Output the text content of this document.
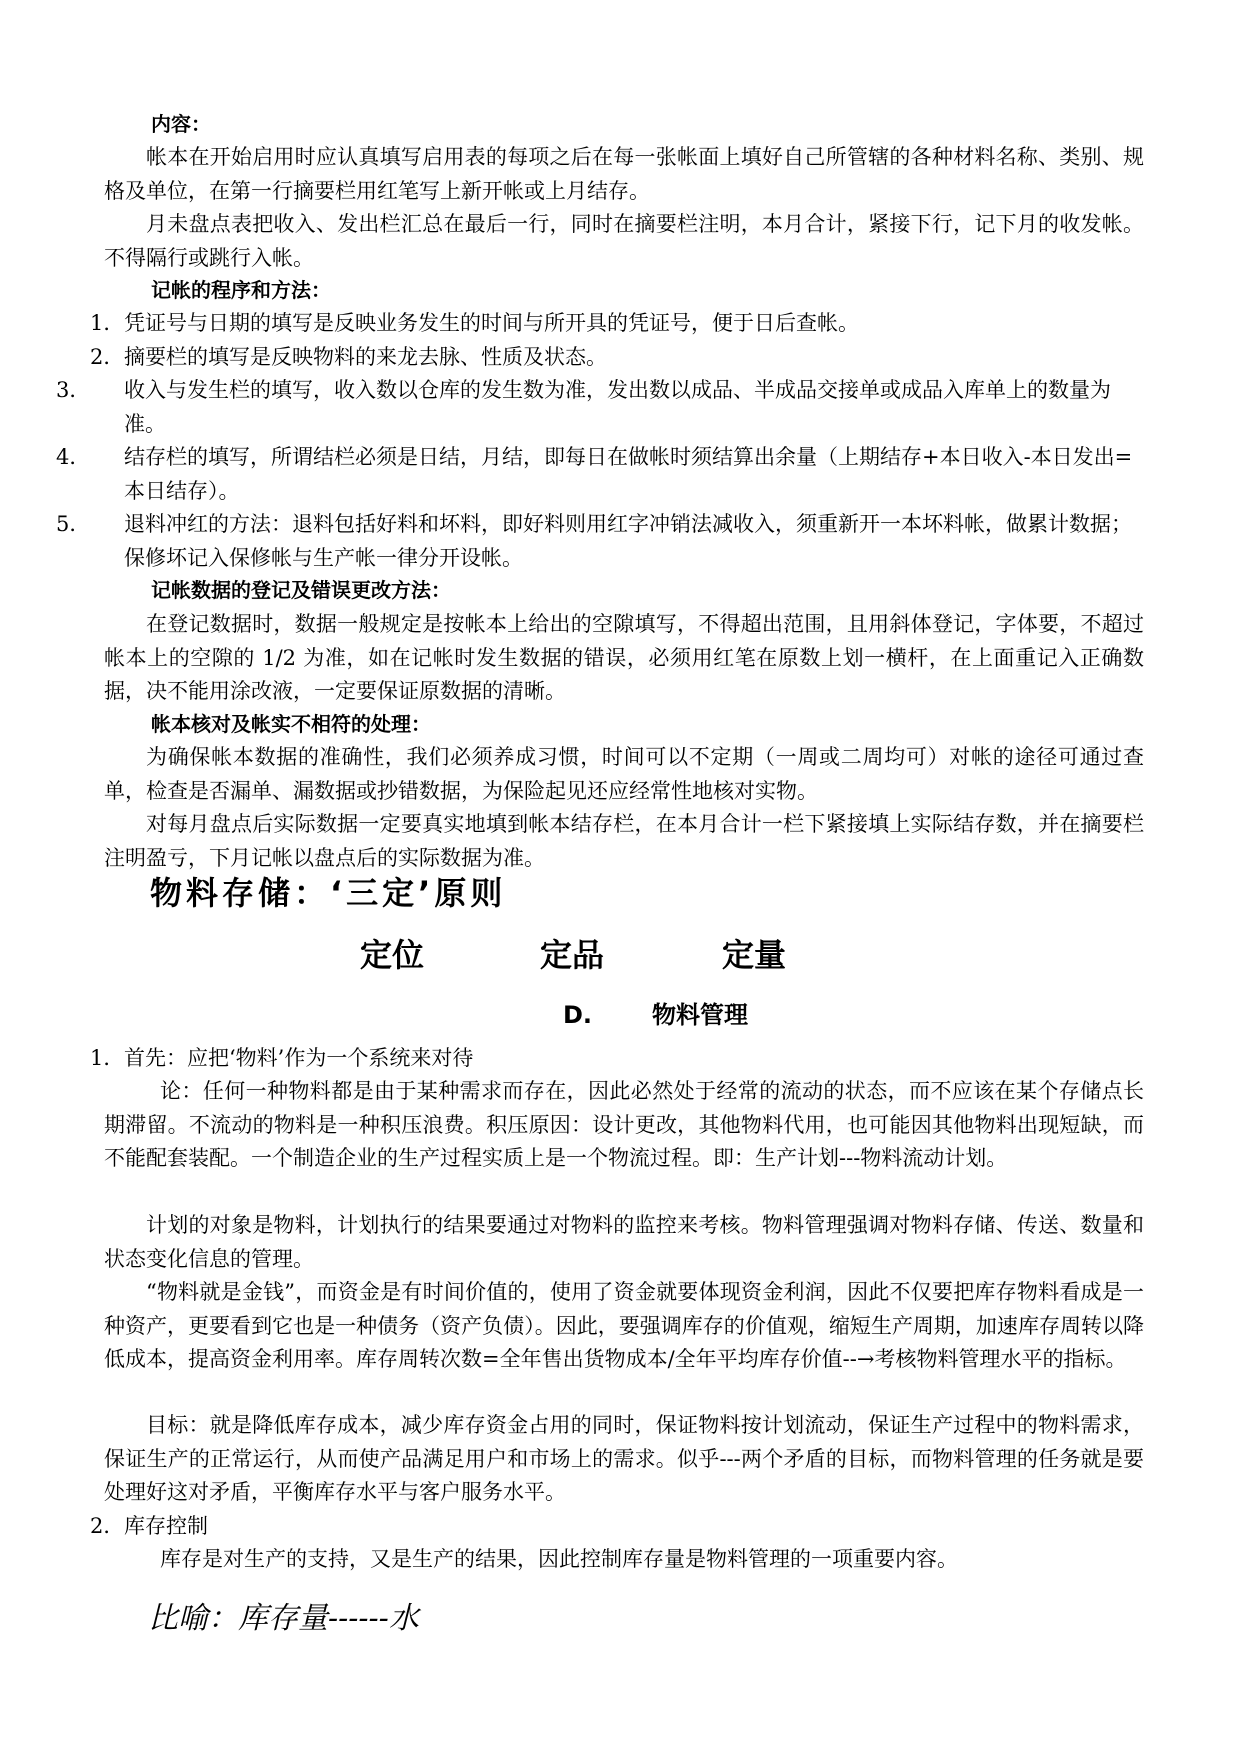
内容：

帐本在开始启用时应认真填写启用表的每项之后在每一张帐面上填好自己所管辖的各种材料名称、类别、规格及单位，在第一行摘要栏用红笔写上新开帐或上月结存。

月未盘点表把收入、发出栏汇总在最后一行，同时在摘要栏注明，本月合计，紧接下行，记下月的收发帐。不得隔行或跳行入帐。

记帐的程序和方法：

1．凭证号与日期的填写是反映业务发生的时间与所开具的凭证号，便于日后查帐。
2．摘要栏的填写是反映物料的来龙去脉、性质及状态。
3． 收入与发生栏的填写，收入数以仓库的发生数为准，发出数以成品、半成品交接单或成品入库单上的数量为准。
4． 结存栏的填写，所谓结栏必须是日结，月结，即每日在做帐时须结算出余量（上期结存+本日收入-本日发出=本日结存）。
5． 退料冲红的方法：退料包括好料和坏料，即好料则用红字冲销法减收入，须重新开一本坏料帐，做累计数据；保修坏记入保修帐与生产帐一律分开设帐。

记帐数据的登记及错误更改方法：

在登记数据时，数据一般规定是按帐本上给出的空隙填写，不得超出范围，且用斜体登记，字体要，不超过帐本上的空隙的 1/2 为准，如在记帐时发生数据的错误，必须用红笔在原数上划一横杆，在上面重记入正确数据，决不能用涂改液，一定要保证原数据的清晰。

帐本核对及帐实不相符的处理：

为确保帐本数据的准确性，我们必须养成习惯，时间可以不定期（一周或二周均可）对帐的途径可通过查单，检查是否漏单、漏数据或抄错数据，为保险起见还应经常性地核对实物。

对每月盘点后实际数据一定要真实地填到帐本结存栏，在本月合计一栏下紧接填上实际结存数，并在摘要栏注明盈亏，下月记帐以盘点后的实际数据为准。

物料存储：‘三定’原则

定位	定品	定量

D.	物料管理

1．首先：应把‘物料’作为一个系统来对待

论：任何一种物料都是由于某种需求而存在，因此必然处于经常的流动的状态，而不应该在某个存储点长期滞留。不流动的物料是一种积压浪费。积压原因：设计更改，其他物料代用，也可能因其他物料出现短缺，而不能配套装配。一个制造企业的生产过程实质上是一个物流过程。即：生产计划---物料流动计划。

计划的对象是物料，计划执行的结果要通过对物料的监控来考核。物料管理强调对物料存储、传送、数量和状态变化信息的管理。

“物料就是金钱”，而资金是有时间价值的，使用了资金就要体现资金利润，因此不仅要把库存物料看成是一种资产，更要看到它也是一种债务（资产负债）。因此，要强调库存的价值观，缩短生产周期，加速库存周转以降低成本，提高资金利用率。库存周转次数=全年售出货物成本/全年平均库存价值--→考核物料管理水平的指标。

目标：就是降低库存成本，减少库存资金占用的同时，保证物料按计划流动，保证生产过程中的物料需求，保证生产的正常运行，从而使产品满足用户和市场上的需求。似乎---两个矛盾的目标，而物料管理的任务就是要处理好这对矛盾，平衡库存水平与客户服务水平。

2．库存控制

库存是对生产的支持，又是生产的结果，因此控制库存量是物料管理的一项重要内容。

比喻：库存量------水
